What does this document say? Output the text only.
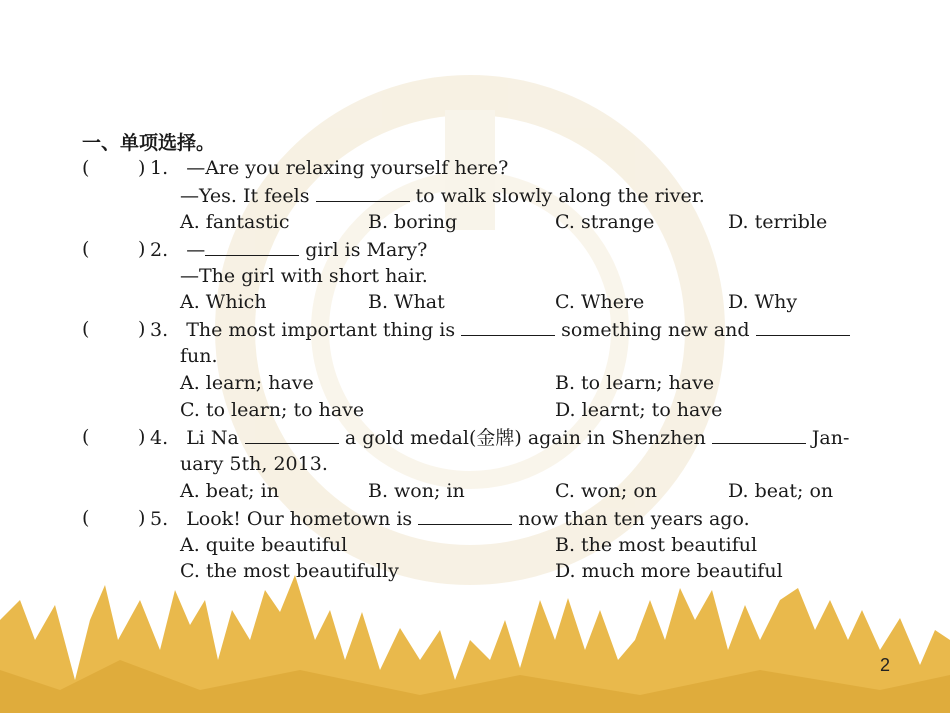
一、单项选择。
(	) 1. —Are you relaxing yourself here?
—Yes. It feels	to walk slowly along the river.
A. fantastic	B. boring	C. strange	D. terrible
(	) 2. —	girl is Mary?
—The girl with short hair.
A. Which	B. What	C. Where	D. Why
(	) 3. The most important thing is	something new and
fun.
A. learn; have	B. to learn; have
C. to learn; to have	D. learnt; to have
(	) 4. Li Na	a gold medal(金牌) again in Shenzhen	Jan-
uary 5th, 2013.
A. beat; in	B. won; in	C. won; on	D. beat; on
(	) 5. Look! Our hometown is	now than ten years ago.
A. quite beautiful	B. the most beautiful
C. the most beautifully	D. much more beautiful
2
